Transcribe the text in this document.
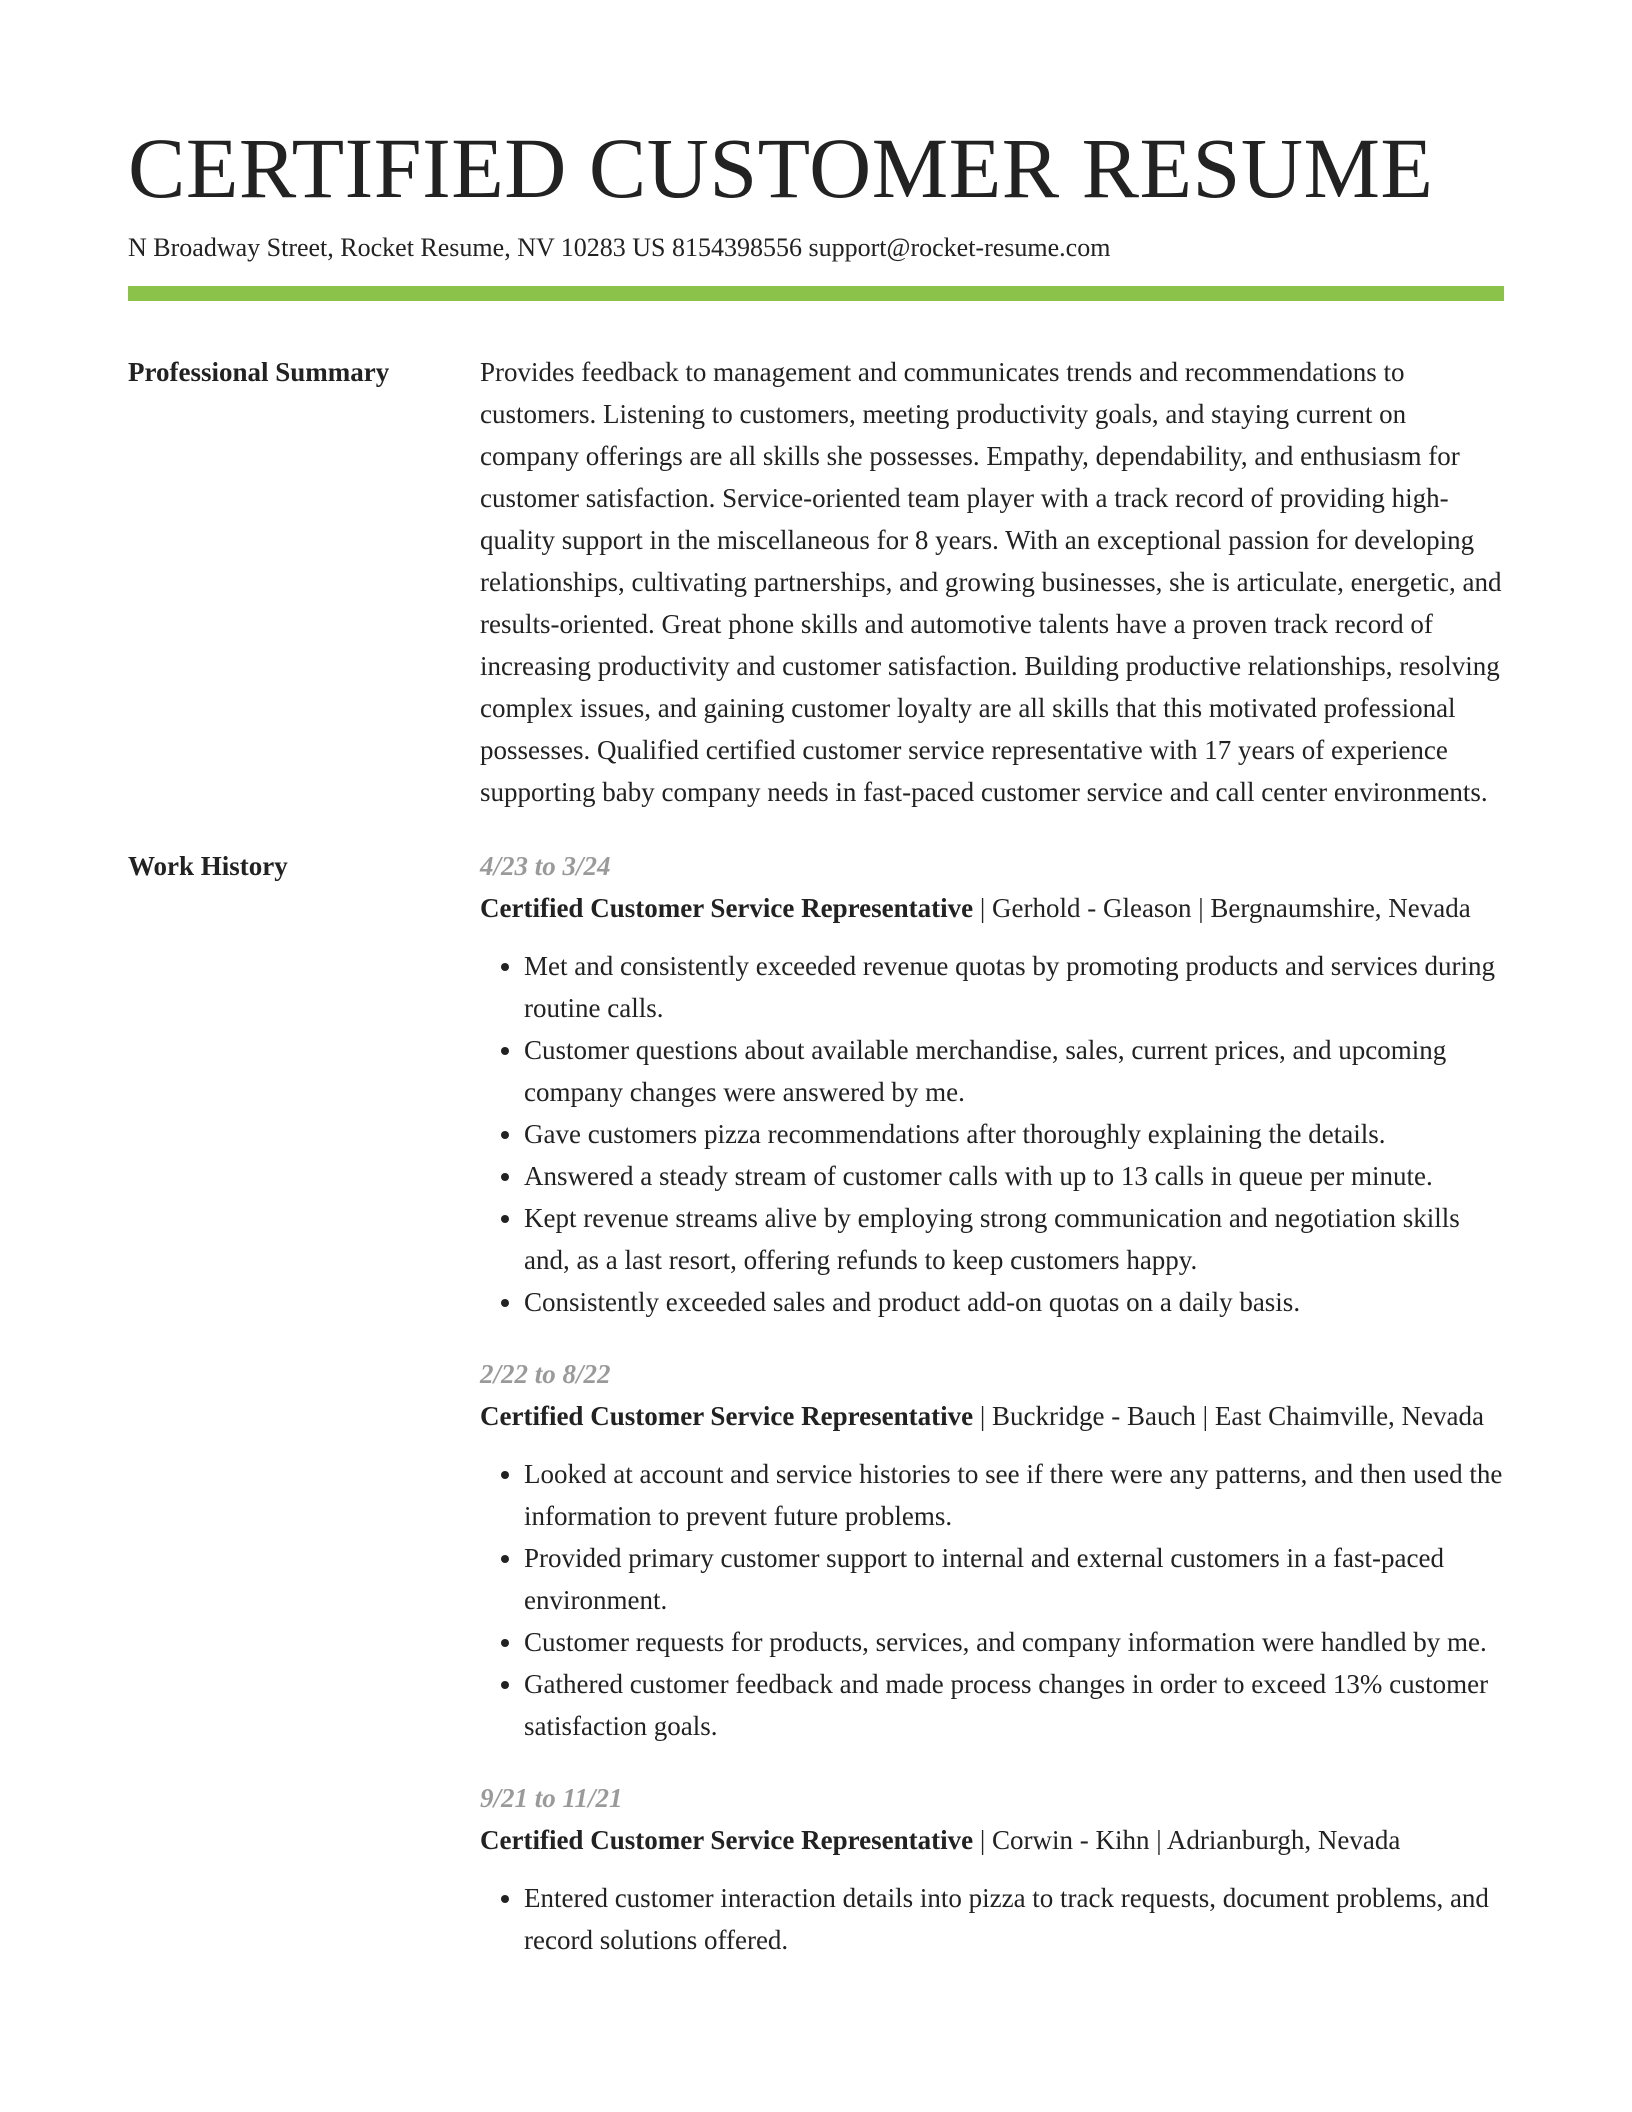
CERTIFIED CUSTOMER RESUME
N Broadway Street, Rocket Resume, NV 10283 US 8154398556 support@rocket-resume.com
Professional Summary	Provides feedback to management and communicates trends and recommendations to customers. Listening to customers, meeting productivity goals, and staying current on company offerings are all skills she possesses. Empathy, dependability, and enthusiasm for customer satisfaction. Service-oriented team player with a track record of providing high-quality support in the miscellaneous for 8 years. With an exceptional passion for developing relationships, cultivating partnerships, and growing businesses, she is articulate, energetic, and results-oriented. Great phone skills and automotive talents have a proven track record of increasing productivity and customer satisfaction. Building productive relationships, resolving complex issues, and gaining customer loyalty are all skills that this motivated professional possesses. Qualified certified customer service representative with 17 years of experience supporting baby company needs in fast-paced customer service and call center environments.
Work History	4/23 to 3/24
Certified Customer Service Representative | Gerhold - Gleason | Bergnaumshire, Nevada
• Met and consistently exceeded revenue quotas by promoting products and services during routine calls.
• Customer questions about available merchandise, sales, current prices, and upcoming company changes were answered by me.
• Gave customers pizza recommendations after thoroughly explaining the details.
• Answered a steady stream of customer calls with up to 13 calls in queue per minute.
• Kept revenue streams alive by employing strong communication and negotiation skills and, as a last resort, offering refunds to keep customers happy.
• Consistently exceeded sales and product add-on quotas on a daily basis.
2/22 to 8/22
Certified Customer Service Representative | Buckridge - Bauch | East Chaimville, Nevada
• Looked at account and service histories to see if there were any patterns, and then used the information to prevent future problems.
• Provided primary customer support to internal and external customers in a fast-paced environment.
• Customer requests for products, services, and company information were handled by me.
• Gathered customer feedback and made process changes in order to exceed 13% customer satisfaction goals.
9/21 to 11/21
Certified Customer Service Representative | Corwin - Kihn | Adrianburgh, Nevada
• Entered customer interaction details into pizza to track requests, document problems, and record solutions offered.
